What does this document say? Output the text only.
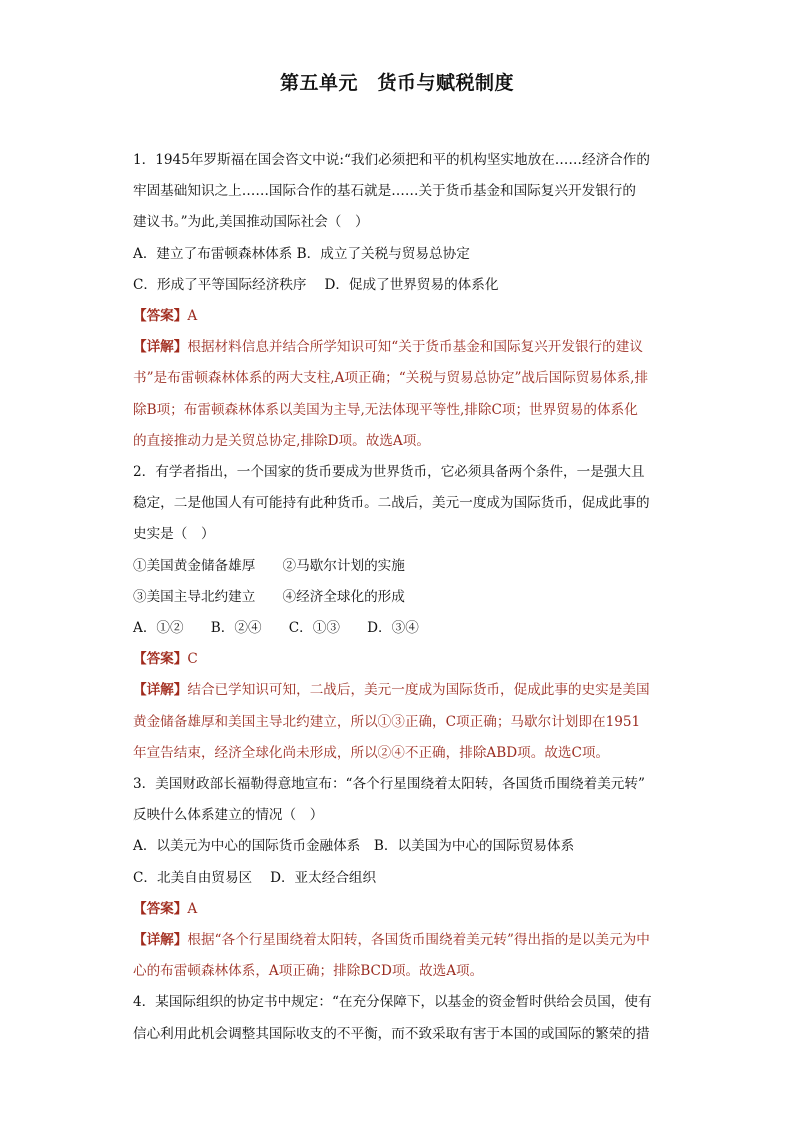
第五单元　货币与赋税制度
1．1945年罗斯福在国会咨文中说:“我们必须把和平的机构坚实地放在……经济合作的
牢固基础知识之上……国际合作的基石就是……关于货币基金和国际复兴开发银行的
建议书。”为此,美国推动国际社会（　）
A．建立了布雷顿森林体系 B．成立了关税与贸易总协定
C．形成了平等国际经济秩序　 D．促成了世界贸易的体系化
【答案】A
【详解】根据材料信息并结合所学知识可知“关于货币基金和国际复兴开发银行的建议
书”是布雷顿森林体系的两大支柱,A项正确；“关税与贸易总协定”战后国际贸易体系,排
除B项；布雷顿森林体系以美国为主导,无法体现平等性,排除C项；世界贸易的体系化
的直接推动力是关贸总协定,排除D项。故选A项。
2．有学者指出，一个国家的货币要成为世界货币，它必须具备两个条件，一是强大且
稳定，二是他国人有可能持有此种货币。二战后，美元一度成为国际货币，促成此事的
史实是（　）
①美国黄金储备雄厚　　②马歇尔计划的实施
③美国主导北约建立　　④经济全球化的形成
A．①②　　B．②④　　C．①③　　D．③④
【答案】C
【详解】结合已学知识可知，二战后，美元一度成为国际货币，促成此事的史实是美国
黄金储备雄厚和美国主导北约建立，所以①③正确，C项正确；马歇尔计划即在1951
年宣告结束，经济全球化尚未形成，所以②④不正确，排除ABD项。故选C项。
3．美国财政部长福勒得意地宣布：“各个行星围绕着太阳转，各国货币围绕着美元转”
反映什么体系建立的情况（　）
A．以美元为中心的国际货币金融体系　B．以美国为中心的国际贸易体系
C．北美自由贸易区　 D．亚太经合组织
【答案】A
【详解】根据“各个行星围绕着太阳转，各国货币围绕着美元转”得出指的是以美元为中
心的布雷顿森林体系，A项正确；排除BCD项。故选A项。
4．某国际组织的协定书中规定：“在充分保障下，以基金的资金暂时供给会员国，使有
信心利用此机会调整其国际收支的不平衡，而不致采取有害于本国的或国际的繁荣的措
